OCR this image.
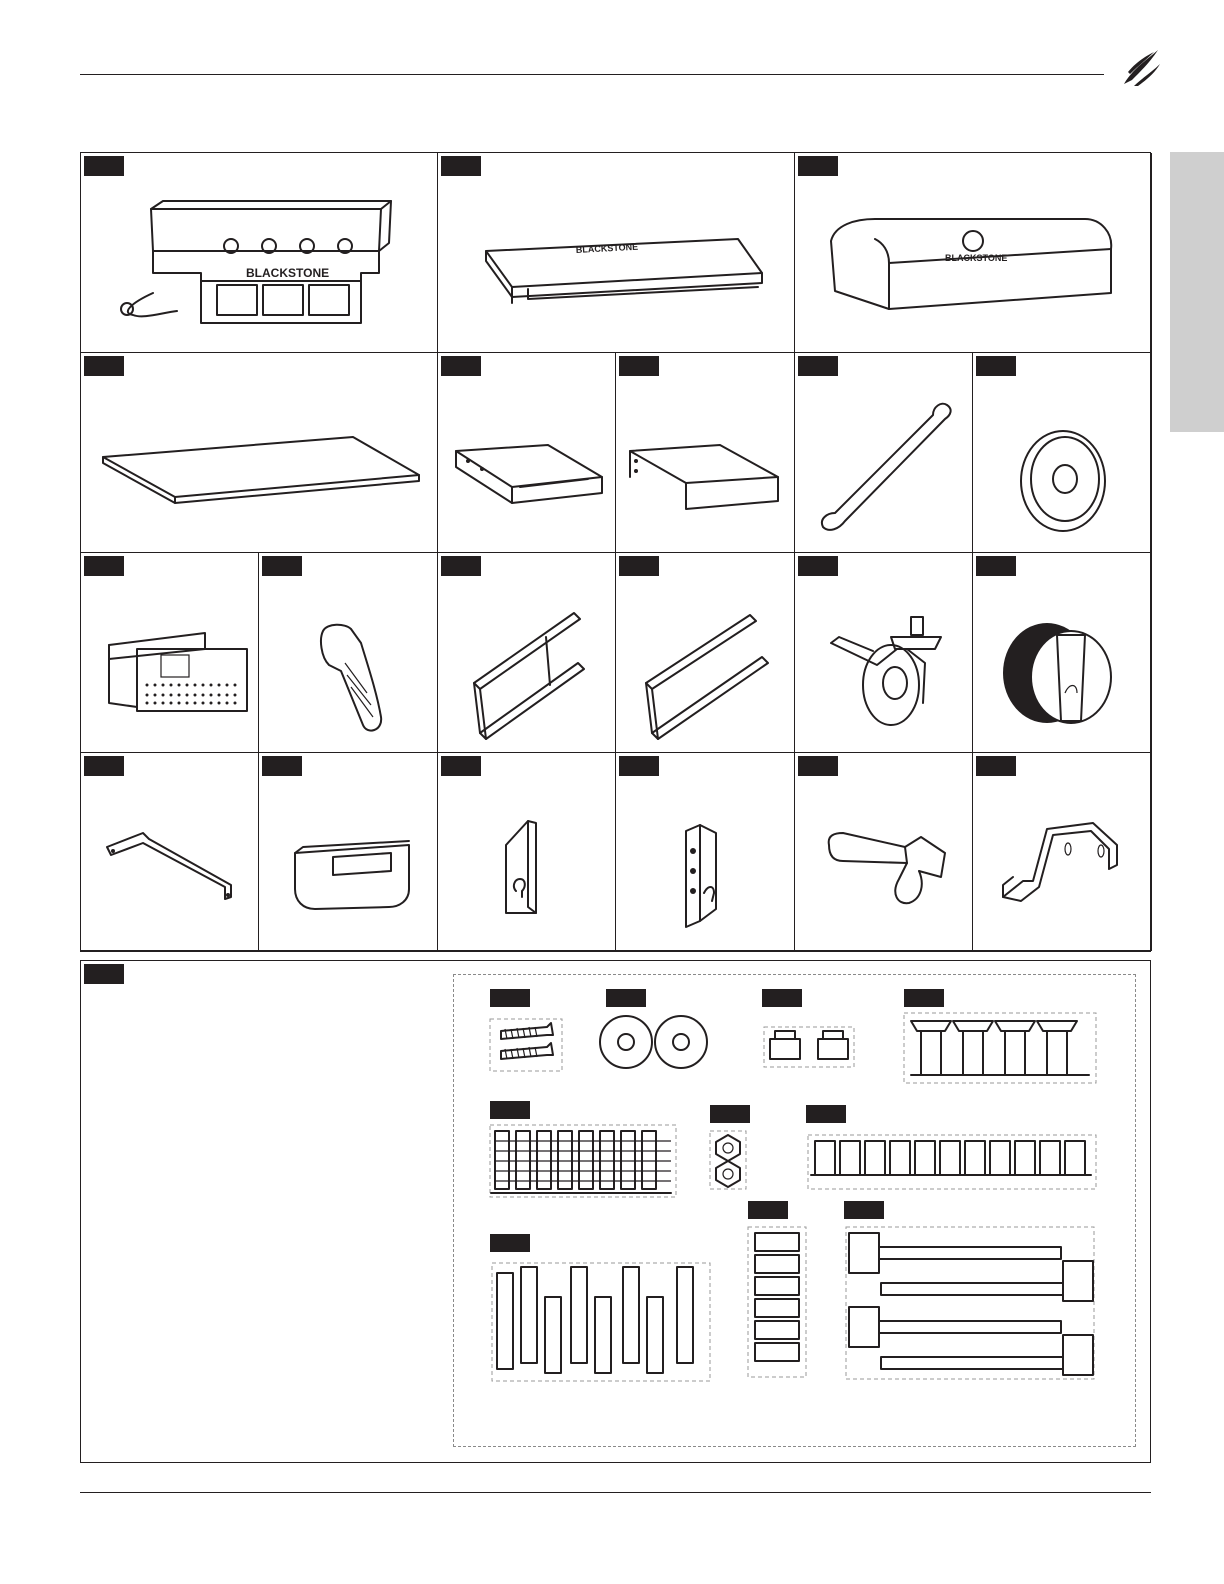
BLACKSTONE
BLACKSTONE
BLACKSTONE
